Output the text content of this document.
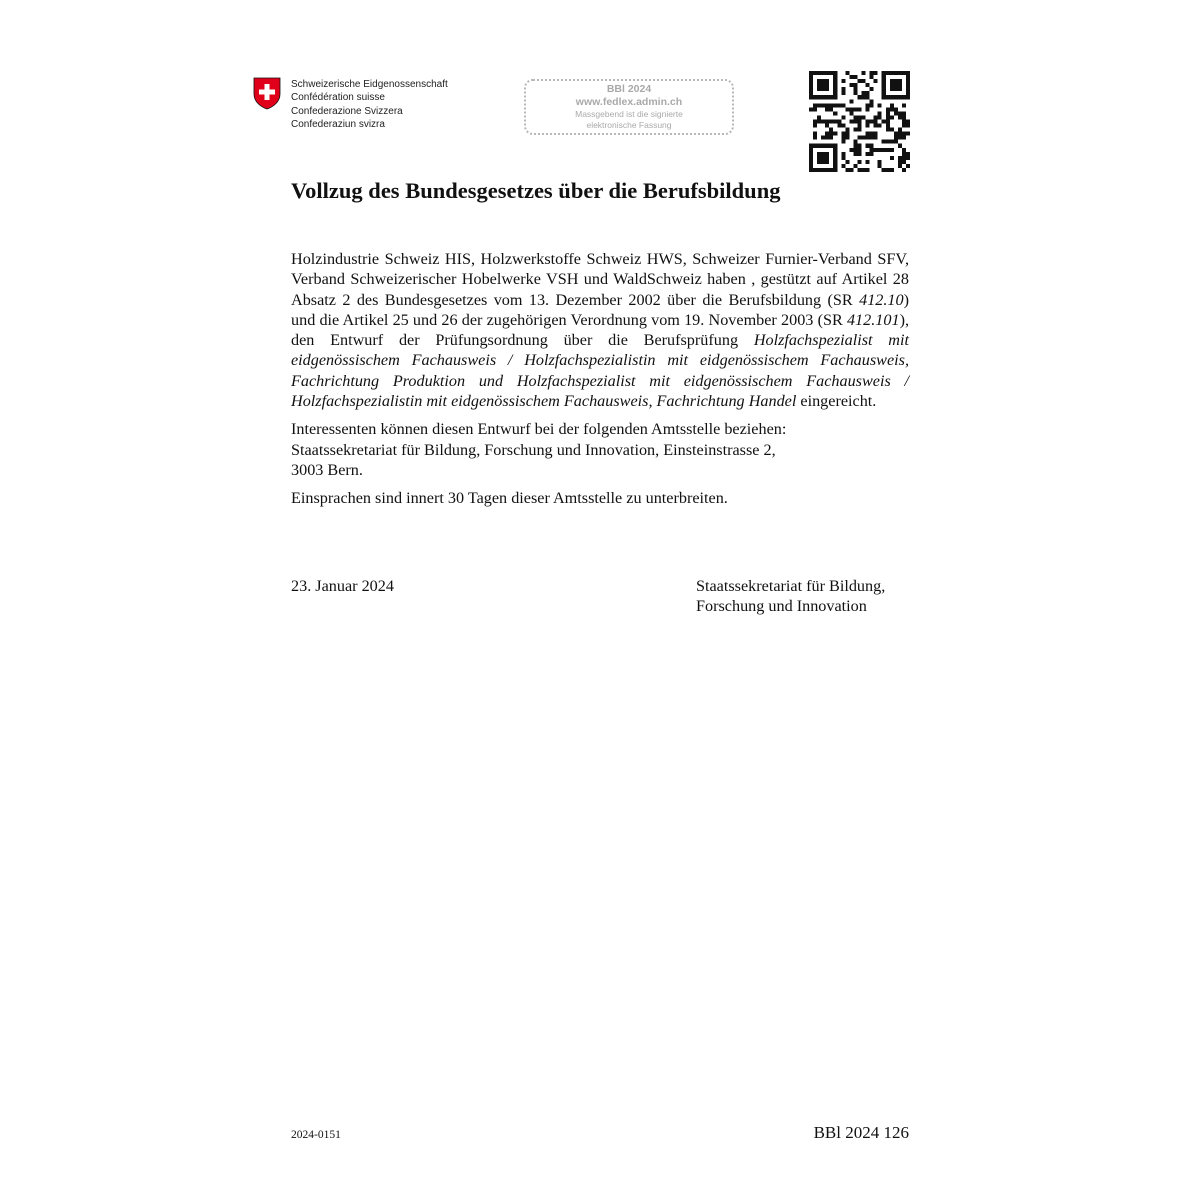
Schweizerische Eidgenossenschaft
Confédération suisse
Confederazione Svizzera
Confederaziun svizra
BBl 2024
www.fedlex.admin.ch
Massgebend ist die signierte
elektronische Fassung
Vollzug des Bundesgesetzes über die Berufsbildung

Holzindustrie Schweiz HIS, Holzwerkstoffe Schweiz HWS, Schweizer Furnier-Verband SFV, Verband Schweizerischer Hobelwerke VSH und WaldSchweiz haben , gestützt auf Artikel 28 Absatz 2 des Bundesgesetzes vom 13. Dezember 2002 über die Berufsbildung (SR 412.10) und die Artikel 25 und 26 der zugehörigen Verordnung vom 19. November 2003 (SR 412.101), den Entwurf der Prüfungsordnung über die Berufsprüfung Holzfachspezialist mit eidgenössischem Fachausweis / Holzfachspezialistin mit eidgenössischem Fachausweis, Fachrichtung Produktion und Holzfachspezialist mit eidgenössischem Fachausweis / Holzfachspezialistin mit eidgenössischem Fachausweis, Fachrichtung Handel eingereicht.

Interessenten können diesen Entwurf bei der folgenden Amtsstelle beziehen:
Staatssekretariat für Bildung, Forschung und Innovation, Einsteinstrasse 2,
3003 Bern.

Einsprachen sind innert 30 Tagen dieser Amtsstelle zu unterbreiten.

23. Januar 2024	Staatssekretariat für Bildung,
Forschung und Innovation
2024-0151	BBl 2024 126
